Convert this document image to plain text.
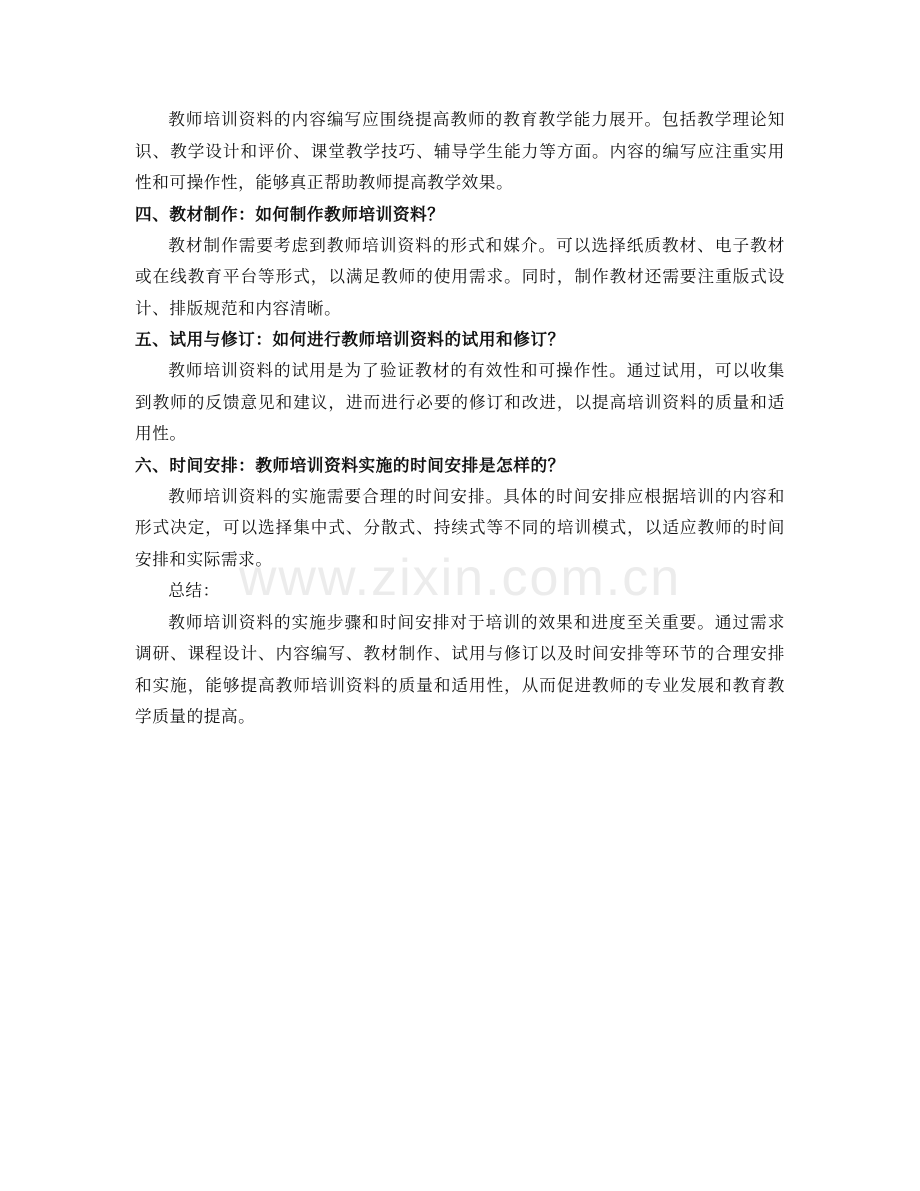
教师培训资料的内容编写应围绕提高教师的教育教学能力展开。包括教学理论知识、教学设计和评价、课堂教学技巧、辅导学生能力等方面。内容的编写应注重实用性和可操作性，能够真正帮助教师提高教学效果。

四、教材制作：如何制作教师培训资料？

教材制作需要考虑到教师培训资料的形式和媒介。可以选择纸质教材、电子教材或在线教育平台等形式，以满足教师的使用需求。同时，制作教材还需要注重版式设计、排版规范和内容清晰。

五、试用与修订：如何进行教师培训资料的试用和修订？

教师培训资料的试用是为了验证教材的有效性和可操作性。通过试用，可以收集到教师的反馈意见和建议，进而进行必要的修订和改进，以提高培训资料的质量和适用性。

六、时间安排：教师培训资料实施的时间安排是怎样的？

教师培训资料的实施需要合理的时间安排。具体的时间安排应根据培训的内容和形式决定，可以选择集中式、分散式、持续式等不同的培训模式，以适应教师的时间安排和实际需求。

总结：

教师培训资料的实施步骤和时间安排对于培训的效果和进度至关重要。通过需求调研、课程设计、内容编写、教材制作、试用与修订以及时间安排等环节的合理安排和实施，能够提高教师培训资料的质量和适用性，从而促进教师的专业发展和教育教学质量的提高。

www.zixin.com.cn
